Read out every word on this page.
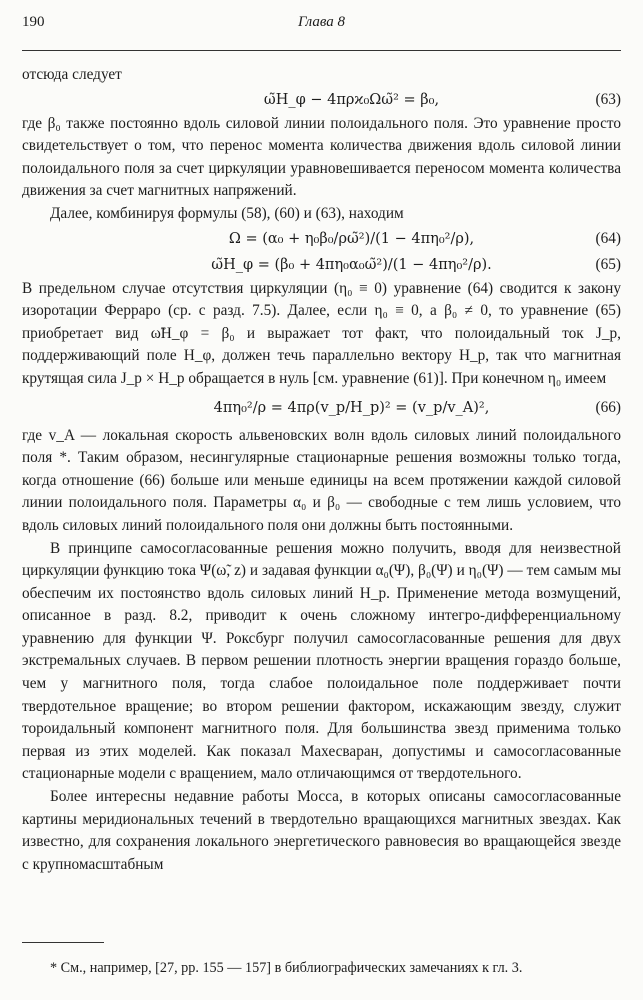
190	Глава 8

отсюда следует

ω̃H_φ − 4πρϰ₀Ωω̃² = β₀,	(63)

где β₀ также постоянно вдоль силовой линии полоидального поля. Это уравнение просто свидетельствует о том, что перенос момента количества движения вдоль силовой линии полоидального поля за счет циркуляции уравновешивается переносом момента количества движения за счет магнитных напряжений.

Далее, комбинируя формулы (58), (60) и (63), находим

Ω = (α₀ + η₀β₀/ρω̃²)/(1 − 4πη₀²/ρ),	(64)
ω̃H_φ = (β₀ + 4πη₀α₀ω̃²)/(1 − 4πη₀²/ρ).	(65)

В предельном случае отсутствия циркуляции (η₀ ≡ 0) уравнение (64) сводится к закону изоротации Ферраро (ср. с разд. 7.5). Далее, если η₀ ≡ 0, а β₀ ≠ 0, то уравнение (65) приобретает вид ω̃H_φ = β₀ и выражает тот факт, что полоидальный ток J_p, поддерживающий поле H_φ, должен течь параллельно вектору H_p, так что магнитная крутящая сила J_p × H_p обращается в нуль [см. уравнение (61)]. При конечном η₀ имеем

4πη₀²/ρ = 4πρ(v_p/H_p)² = (v_p/v_A)²,	(66)

где v_A — локальная скорость альвеновских волн вдоль силовых линий полоидального поля *. Таким образом, несингулярные стационарные решения возможны только тогда, когда отношение (66) больше или меньше единицы на всем протяжении каждой силовой линии полоидального поля. Параметры α₀ и β₀ — свободные с тем лишь условием, что вдоль силовых линий полоидального поля они должны быть постоянными.

В принципе самосогласованные решения можно получить, вводя для неизвестной циркуляции функцию тока Ψ(ω̃, z) и задавая функции α₀(Ψ), β₀(Ψ) и η₀(Ψ) — тем самым мы обеспечим их постоянство вдоль силовых линий H_p. Применение метода возмущений, описанное в разд. 8.2, приводит к очень сложному интегро-дифференциальному уравнению для функции Ψ. Роксбург получил самосогласованные решения для двух экстремальных случаев. В первом решении плотность энергии вращения гораздо больше, чем у магнитного поля, тогда слабое полоидальное поле поддерживает почти твердотельное вращение; во втором решении фактором, искажающим звезду, служит тороидальный компонент магнитного поля. Для большинства звезд применима только первая из этих моделей. Как показал Махесваран, допустимы и самосогласованные стационарные модели с вращением, мало отличающимся от твердотельного.

Более интересны недавние работы Мосса, в которых описаны самосогласованные картины меридиональных течений в твердотельно вращающихся магнитных звездах. Как известно, для сохранения локального энергетического равновесия во вращающейся звезде с крупномасштабным

* См., например, [27, pp. 155 — 157] в библиографических замечаниях к гл. 3.
